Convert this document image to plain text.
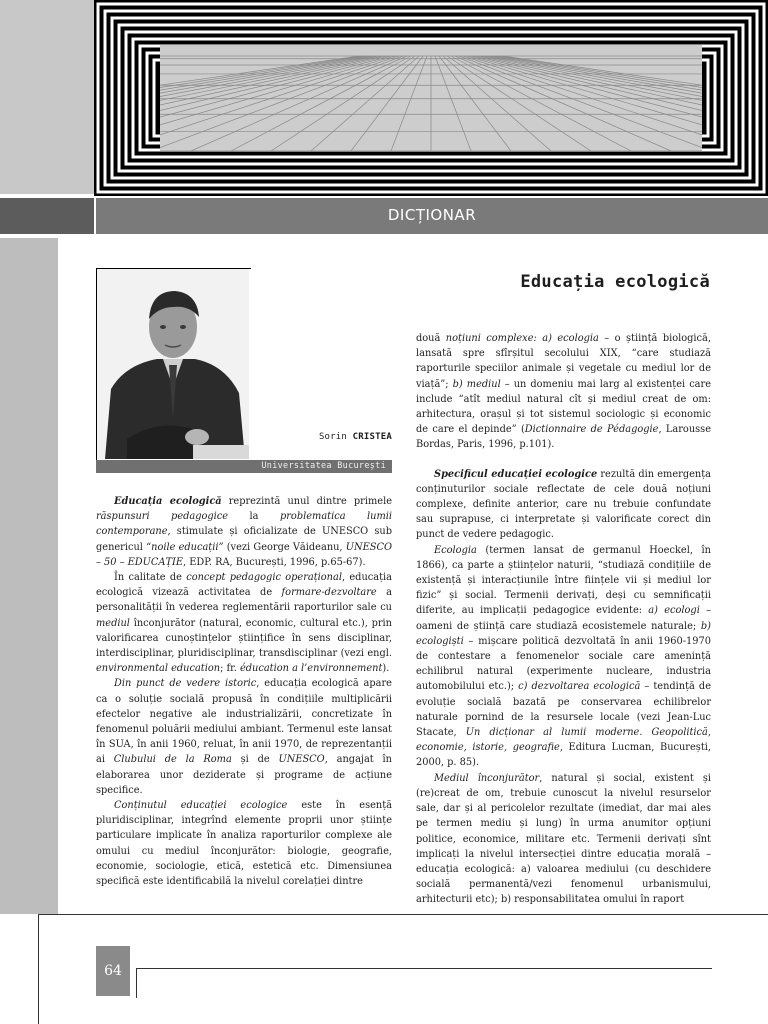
DICȚIONAR
Sorin CRISTEA
Universitatea București
Educația ecologică

Educația ecologică reprezintă unul dintre primele răspunsuri pedagogice la problematica lumii contemporane, stimulate și oficializate de UNESCO sub genericul “noile educații” (vezi George Văideanu, UNESCO – 50 – EDUCAȚIE, EDP. RA, București, 1996, p.65-67).

În calitate de concept pedagogic operațional, educația ecologică vizează activitatea de formare-dezvoltare a personalității în vederea reglementării raporturilor sale cu mediul înconjurător (natural, economic, cultural etc.), prin valorificarea cunoștințelor științifice în sens disciplinar, interdisciplinar, pluridisciplinar, transdisciplinar (vezi engl. environmental education; fr. éducation a l’environnement).

Din punct de vedere istoric, educația ecologică apare ca o soluție socială propusă în condițiile multiplicării efectelor negative ale industrializării, concretizate în fenomenul poluării mediului ambiant. Termenul este lansat în SUA, în anii 1960, reluat, în anii 1970, de reprezentanții ai Clubului de la Roma și de UNESCO, angajat în elaborarea unor deziderate și programe de acțiune specifice.

Conținutul educației ecologice este în esență pluridisciplinar, integrînd elemente proprii unor științe particulare implicate în analiza raporturilor complexe ale omului cu mediul înconjurător: biologie, geografie, economie, sociologie, etică, estetică etc. Dimensiunea specifică este identificabilă la nivelul corelației dintre

două noțiuni complexe: a) ecologia – o știință biologică, lansată spre sfîrșitul secolului XIX, “care studiază raporturile speciilor animale și vegetale cu mediul lor de viață”; b) mediul – un domeniu mai larg al existenței care include “atît mediul natural cît și mediul creat de om: arhitectura, orașul și tot sistemul sociologic și economic de care el depinde” (Dictionnaire de Pédagogie, Larousse Bordas, Paris, 1996, p.101).

Specificul educației ecologice rezultă din emergența conținuturilor sociale reflectate de cele două noțiuni complexe, definite anterior, care nu trebuie confundate sau suprapuse, ci interpretate și valorificate corect din punct de vedere pedagogic.

Ecologia (termen lansat de germanul Hoeckel, în 1866), ca parte a științelor naturii, “studiază condițiile de existență și interacțiunile între ființele vii și mediul lor fizic” și social. Termenii derivați, deși cu semnificații diferite, au implicații pedagogice evidente: a) ecologi – oameni de știință care studiază ecosistemele naturale; b) ecologiști – mișcare politică dezvoltată în anii 1960-1970 de contestare a fenomenelor sociale care amenință echilibrul natural (experimente nucleare, industria automobilului etc.); c) dezvoltarea ecologică – tendință de evoluție socială bazată pe conservarea echilibrelor naturale pornind de la resursele locale (vezi Jean-Luc Stacate, Un dicționar al lumii moderne. Geopolitică, economie, istorie, geografie, Editura Lucman, București, 2000, p. 85).

Mediul înconjurător, natural și social, existent și (re)creat de om, trebuie cunoscut la nivelul resurselor sale, dar și al pericolelor rezultate (imediat, dar mai ales pe termen mediu și lung) în urma anumitor opțiuni politice, economice, militare etc. Termenii derivați sînt implicați la nivelul intersecției dintre educația morală – educația ecologică: a) valoarea mediului (cu deschidere socială permanentă/vezi fenomenul urbanismului, arhitecturii etc); b) responsabilitatea omului în raport

64
